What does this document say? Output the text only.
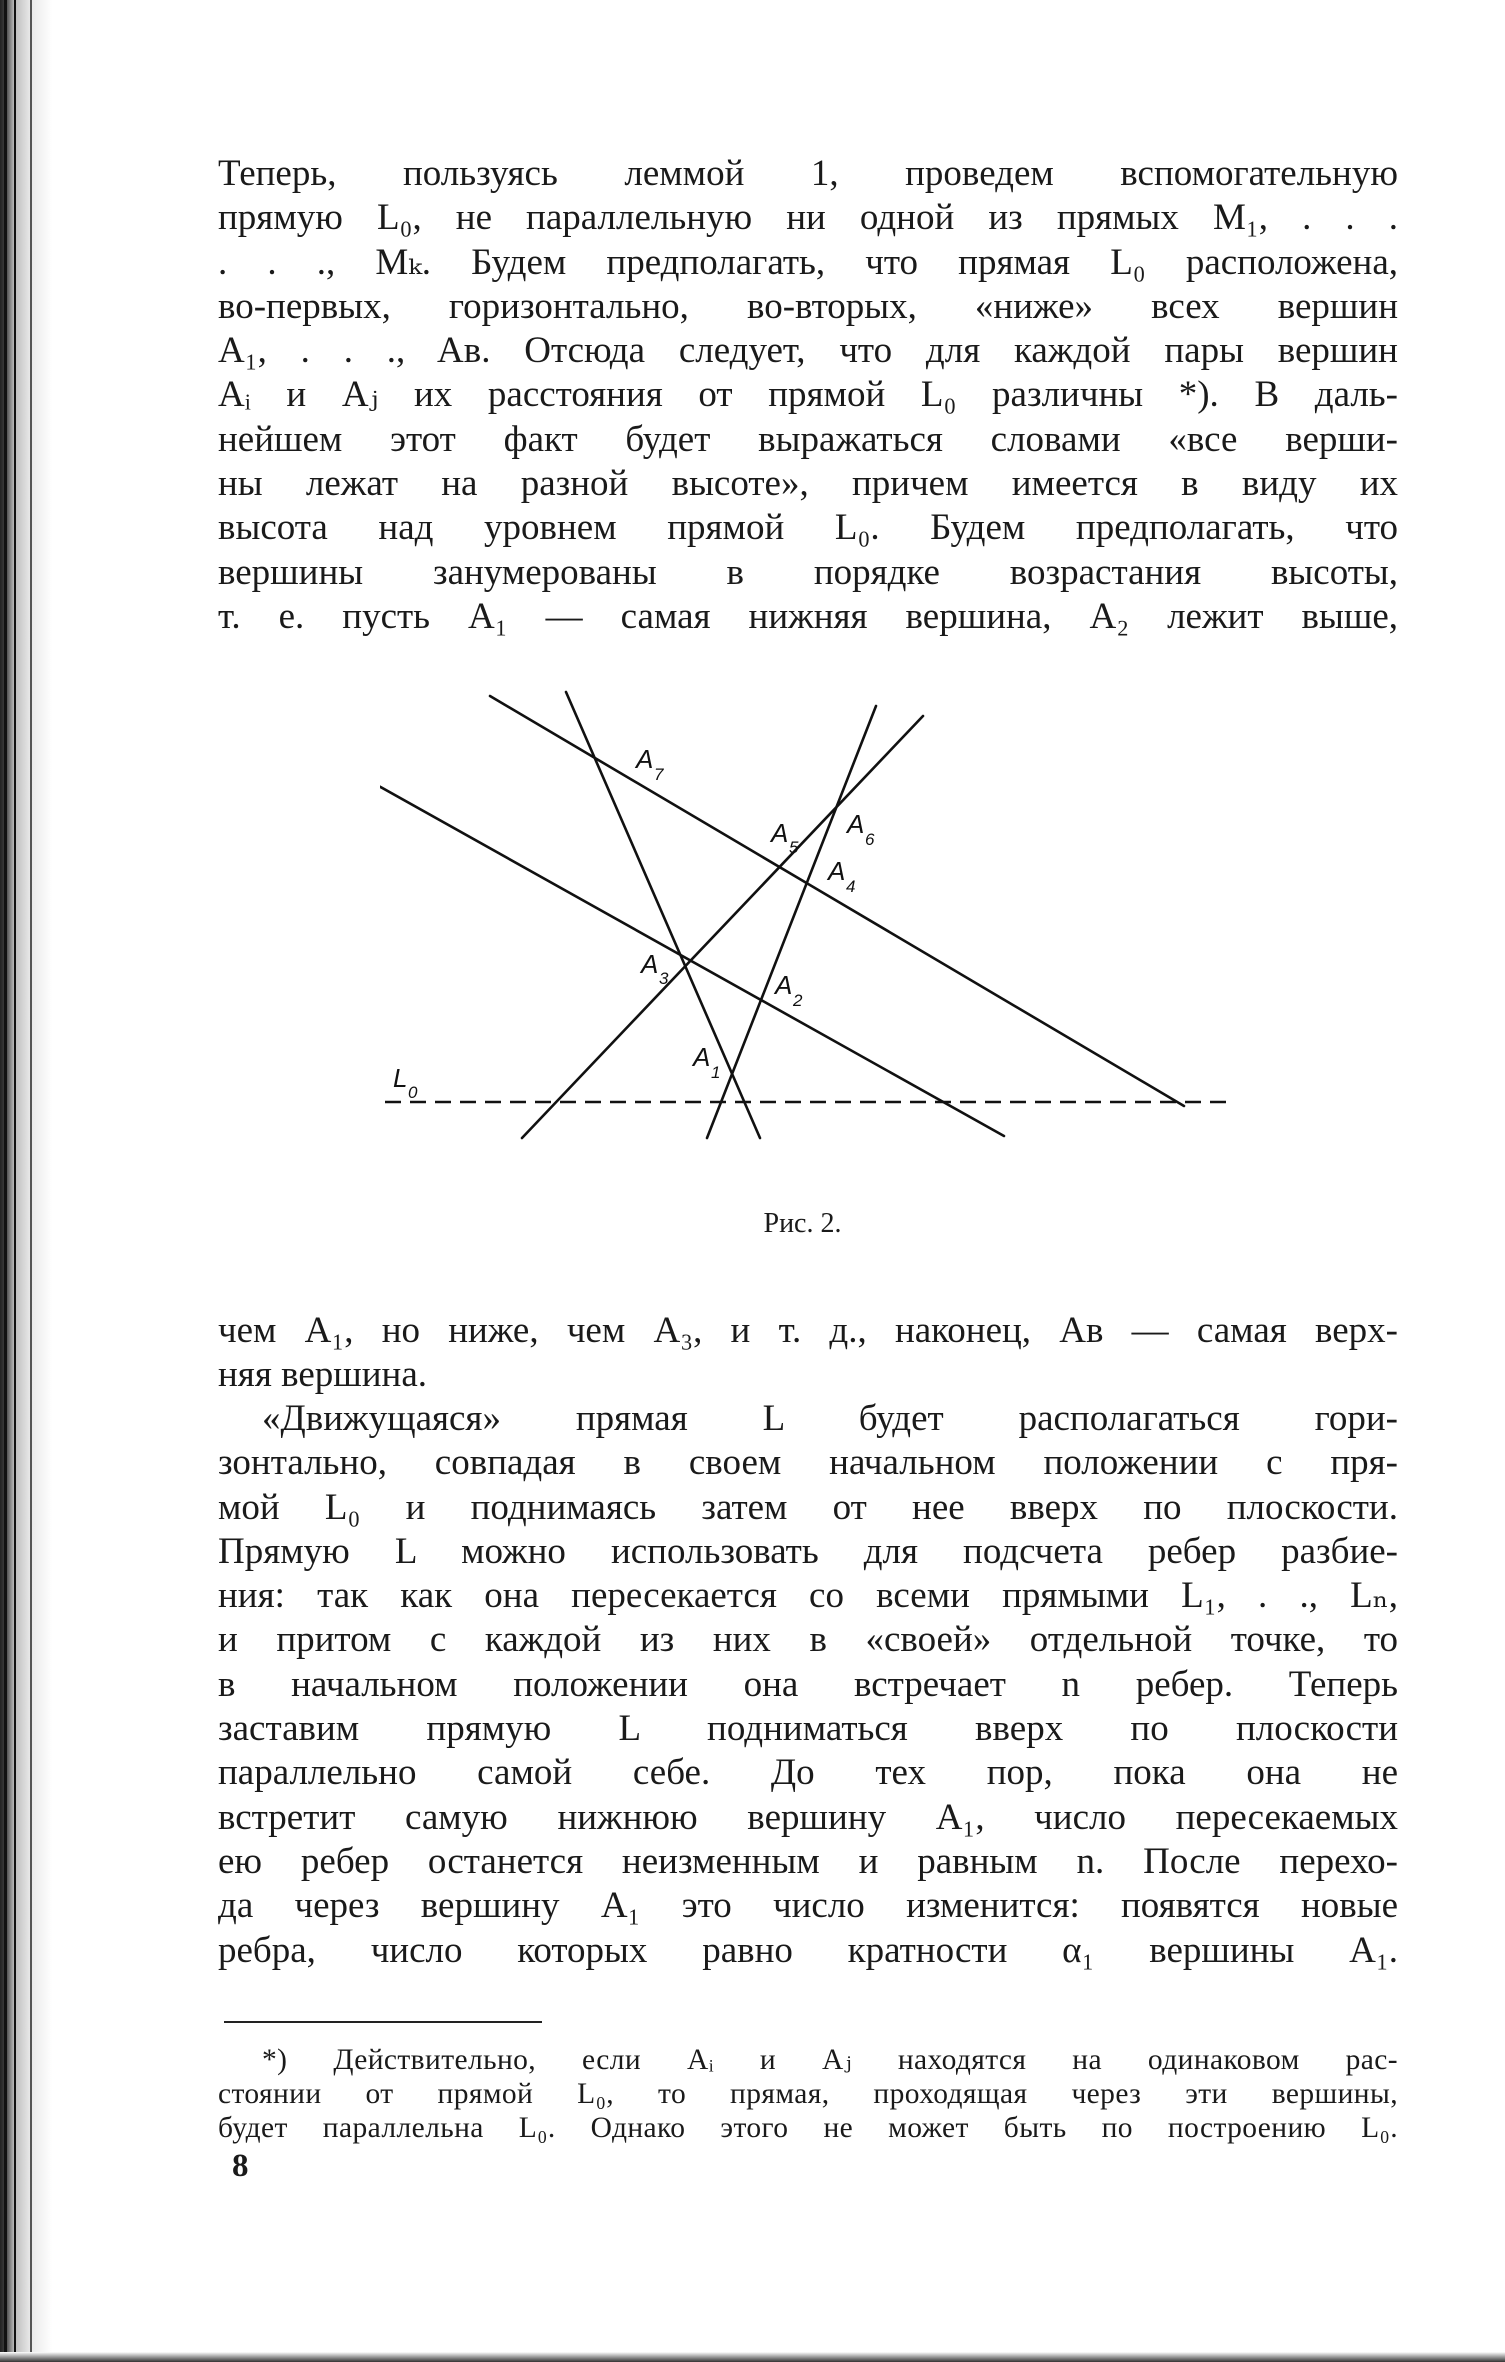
Теперь, пользуясь леммой 1, проведем вспомогательную
прямую L₀, не параллельную ни одной из прямых M₁, . . .
. . ., Mₖ. Будем предполагать, что прямая L₀ расположена,
во-первых, горизонтально, во-вторых, «ниже» всех вершин
A₁, . . ., Aв. Отсюда следует, что для каждой пары вершин
Aᵢ и Aⱼ их расстояния от прямой L₀ различны *). В даль-
нейшем этот факт будет выражаться словами «все верши-
ны лежат на разной высоте», причем имеется в виду их
высота над уровнем прямой L₀. Будем предполагать, что
вершины занумерованы в порядке возрастания высоты,
т. е. пусть A₁ — самая нижняя вершина, A₂ лежит выше,
A
7
A 5
A
6
A
4
A 3	A
2
A
1
L 0
Рис. 2.
чем A₁, но ниже, чем A₃, и т. д., наконец, Aв — самая верх-
няя вершина.
«Движущаяся» прямая L будет располагаться гори-
зонтально, совпадая в своем начальном положении с пря-
мой L₀ и поднимаясь затем от нее вверх по плоскости.
Прямую L можно использовать для подсчета ребер разбие-
ния: так как она пересекается со всеми прямыми L₁, . ., Lₙ,
и притом с каждой из них в «своей» отдельной точке, то
в начальном положении она встречает n ребер. Теперь
заставим прямую L подниматься вверх по плоскости
параллельно самой себе. До тех пор, пока она не
встретит самую нижнюю вершину A₁, число пересекаемых
ею ребер останется неизменным и равным n. После перехо-
да через вершину A₁ это число изменится: появятся новые
ребра, число которых равно кратности α₁ вершины A₁.
*) Действительно, если Aᵢ и Aⱼ находятся на одинаковом рас-
стоянии от прямой L₀, то прямая, проходящая через эти вершины,
будет параллельна L₀. Однако этого не может быть по построению L₀.
8
